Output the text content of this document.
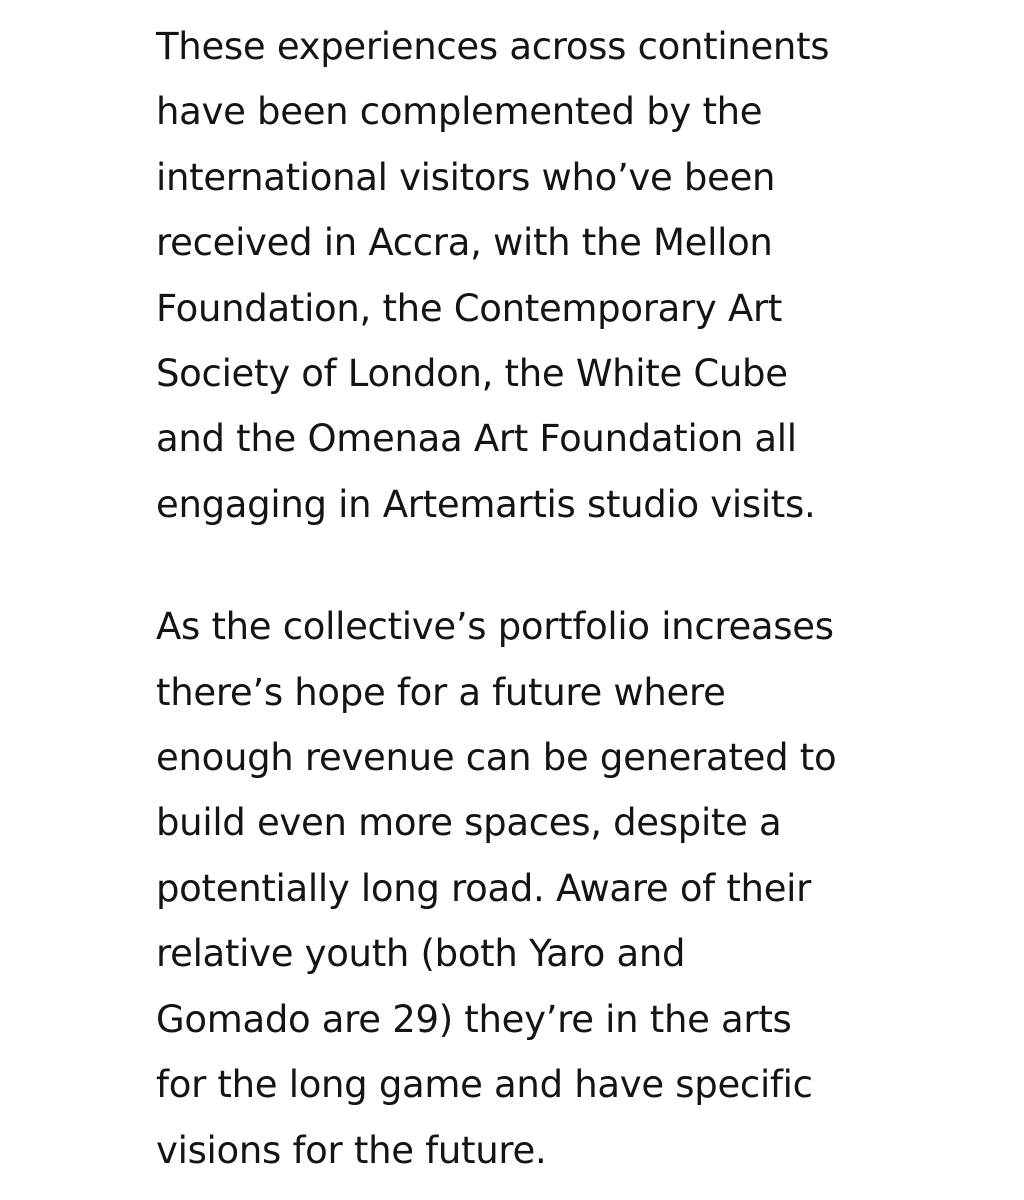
These experiences across continents
have been complemented by the
international visitors who’ve been
received in Accra, with the Mellon
Foundation, the Contemporary Art
Society of London, the White Cube
and the Omenaa Art Foundation all
engaging in Artemartis studio visits.

As the collective’s portfolio increases
there’s hope for a future where
enough revenue can be generated to
build even more spaces, despite a
potentially long road. Aware of their
relative youth (both Yaro and
Gomado are 29) they’re in the arts
for the long game and have specific
visions for the future.
